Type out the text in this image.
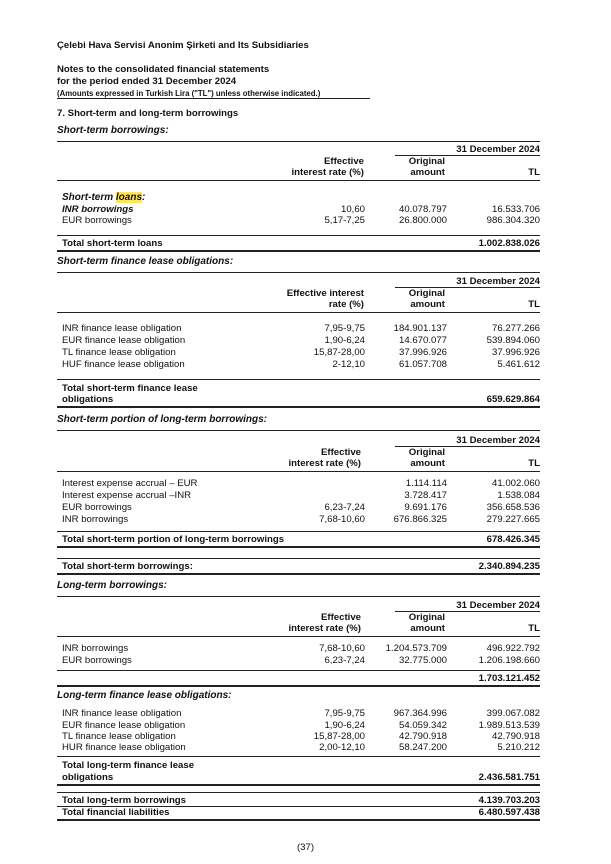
Çelebi Hava Servisi Anonim Şirketi and Its Subsidiaries
Notes to the consolidated financial statements
for the period ended 31 December 2024
(Amounts expressed in Turkish Lira ("TL") unless otherwise indicated.)
7. Short-term and long-term borrowings
Short-term borrowings:
31 December 2024
Effective
interest rate (%)
Original
amount	TL
Short-term loans:
INR borrowings	10,60	40.078.797	16.533.706
EUR borrowings	5,17-7,25	26.800.000	986.304.320
Total short-term loans	1.002.838.026
Short-term finance lease obligations:
31 December 2024
Effective interest
rate (%)
Original
amount	TL
INR finance lease obligation	7,95-9,75	184.901.137	76.277.266
EUR finance lease obligation	1,90-6,24	14.670.077	539.894.060
TL finance lease obligation	15,87-28,00	37.996.926	37.996.926
HUF finance lease obligation	2-12,10	61.057.708	5.461.612
Total short-term finance lease
obligations	659.629.864
Short-term portion of long-term borrowings:
31 December 2024
Effective
interest rate (%)
Original
amount	TL
Interest expense accrual – EUR	1.114.114	41.002.060
Interest expense accrual –INR	3.728.417	1.538.084
EUR borrowings	6,23-7,24	9.691.176	356.658.536
INR borrowings	7,68-10,60	676.866.325	279.227.665
Total short-term portion of long-term borrowings	678.426.345
Total short-term borrowings:	2.340.894.235
Long-term borrowings:
31 December 2024
Effective
interest rate (%)
Original
amount	TL
INR borrowings	7,68-10,60 1.204.573.709	496.922.792
EUR borrowings	6,23-7,24	32.775.000	1.206.198.660
1.703.121.452
Long-term finance lease obligations:
INR finance lease obligation	7,95-9,75	967.364.996	399.067.082
EUR finance lease obligation	1,90-6,24	54.059.342	1.989.513.539
TL finance lease obligation	15,87-28,00	42.790.918	42.790.918
HUR finance lease obligation	2,00-12,10	58.247.200	5.210.212
Total long-term finance lease
obligations	2.436.581.751
Total long-term borrowings	4.139.703.203
Total financial liabilities	6.480.597.438
(37)
